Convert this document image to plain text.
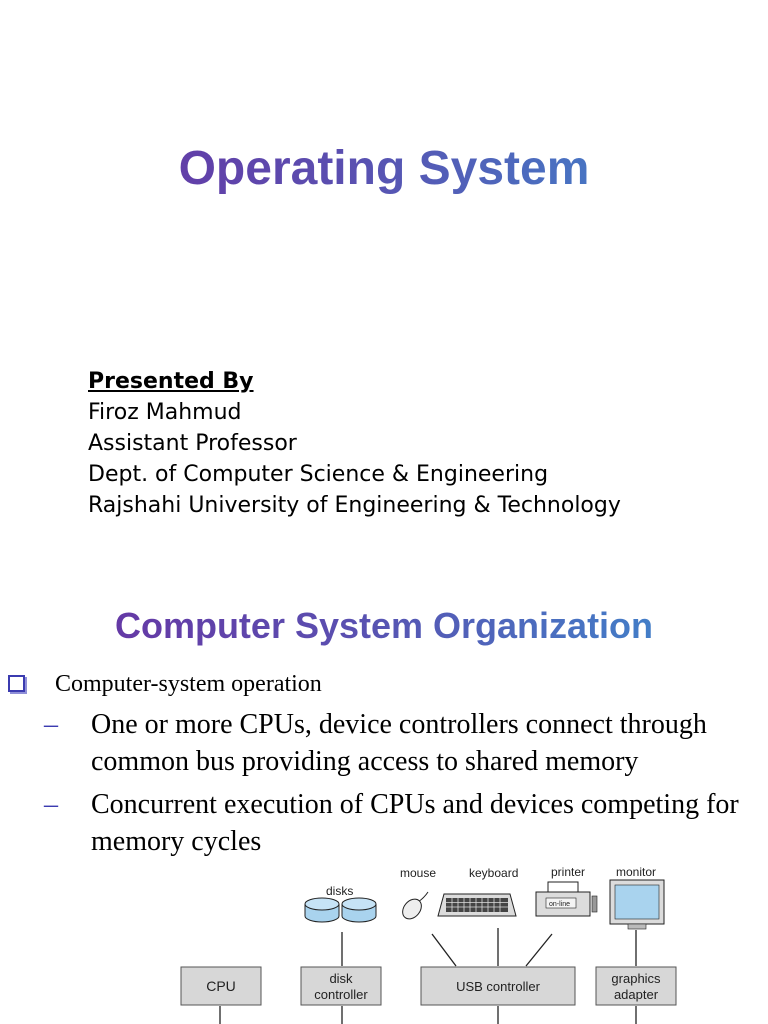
Operating System
Presented By
Firoz Mahmud
Assistant Professor
Dept. of Computer Science & Engineering
Rajshahi University of Engineering & Technology
Computer System Organization
Computer-system operation
– One or more CPUs, device controllers connect through common bus providing access to shared memory
– Concurrent execution of CPUs and devices competing for memory cycles
disks
mouse	keyboard
on-line
printer	monitor
CPU	disk
controller
USB controller
graphics
adapter
